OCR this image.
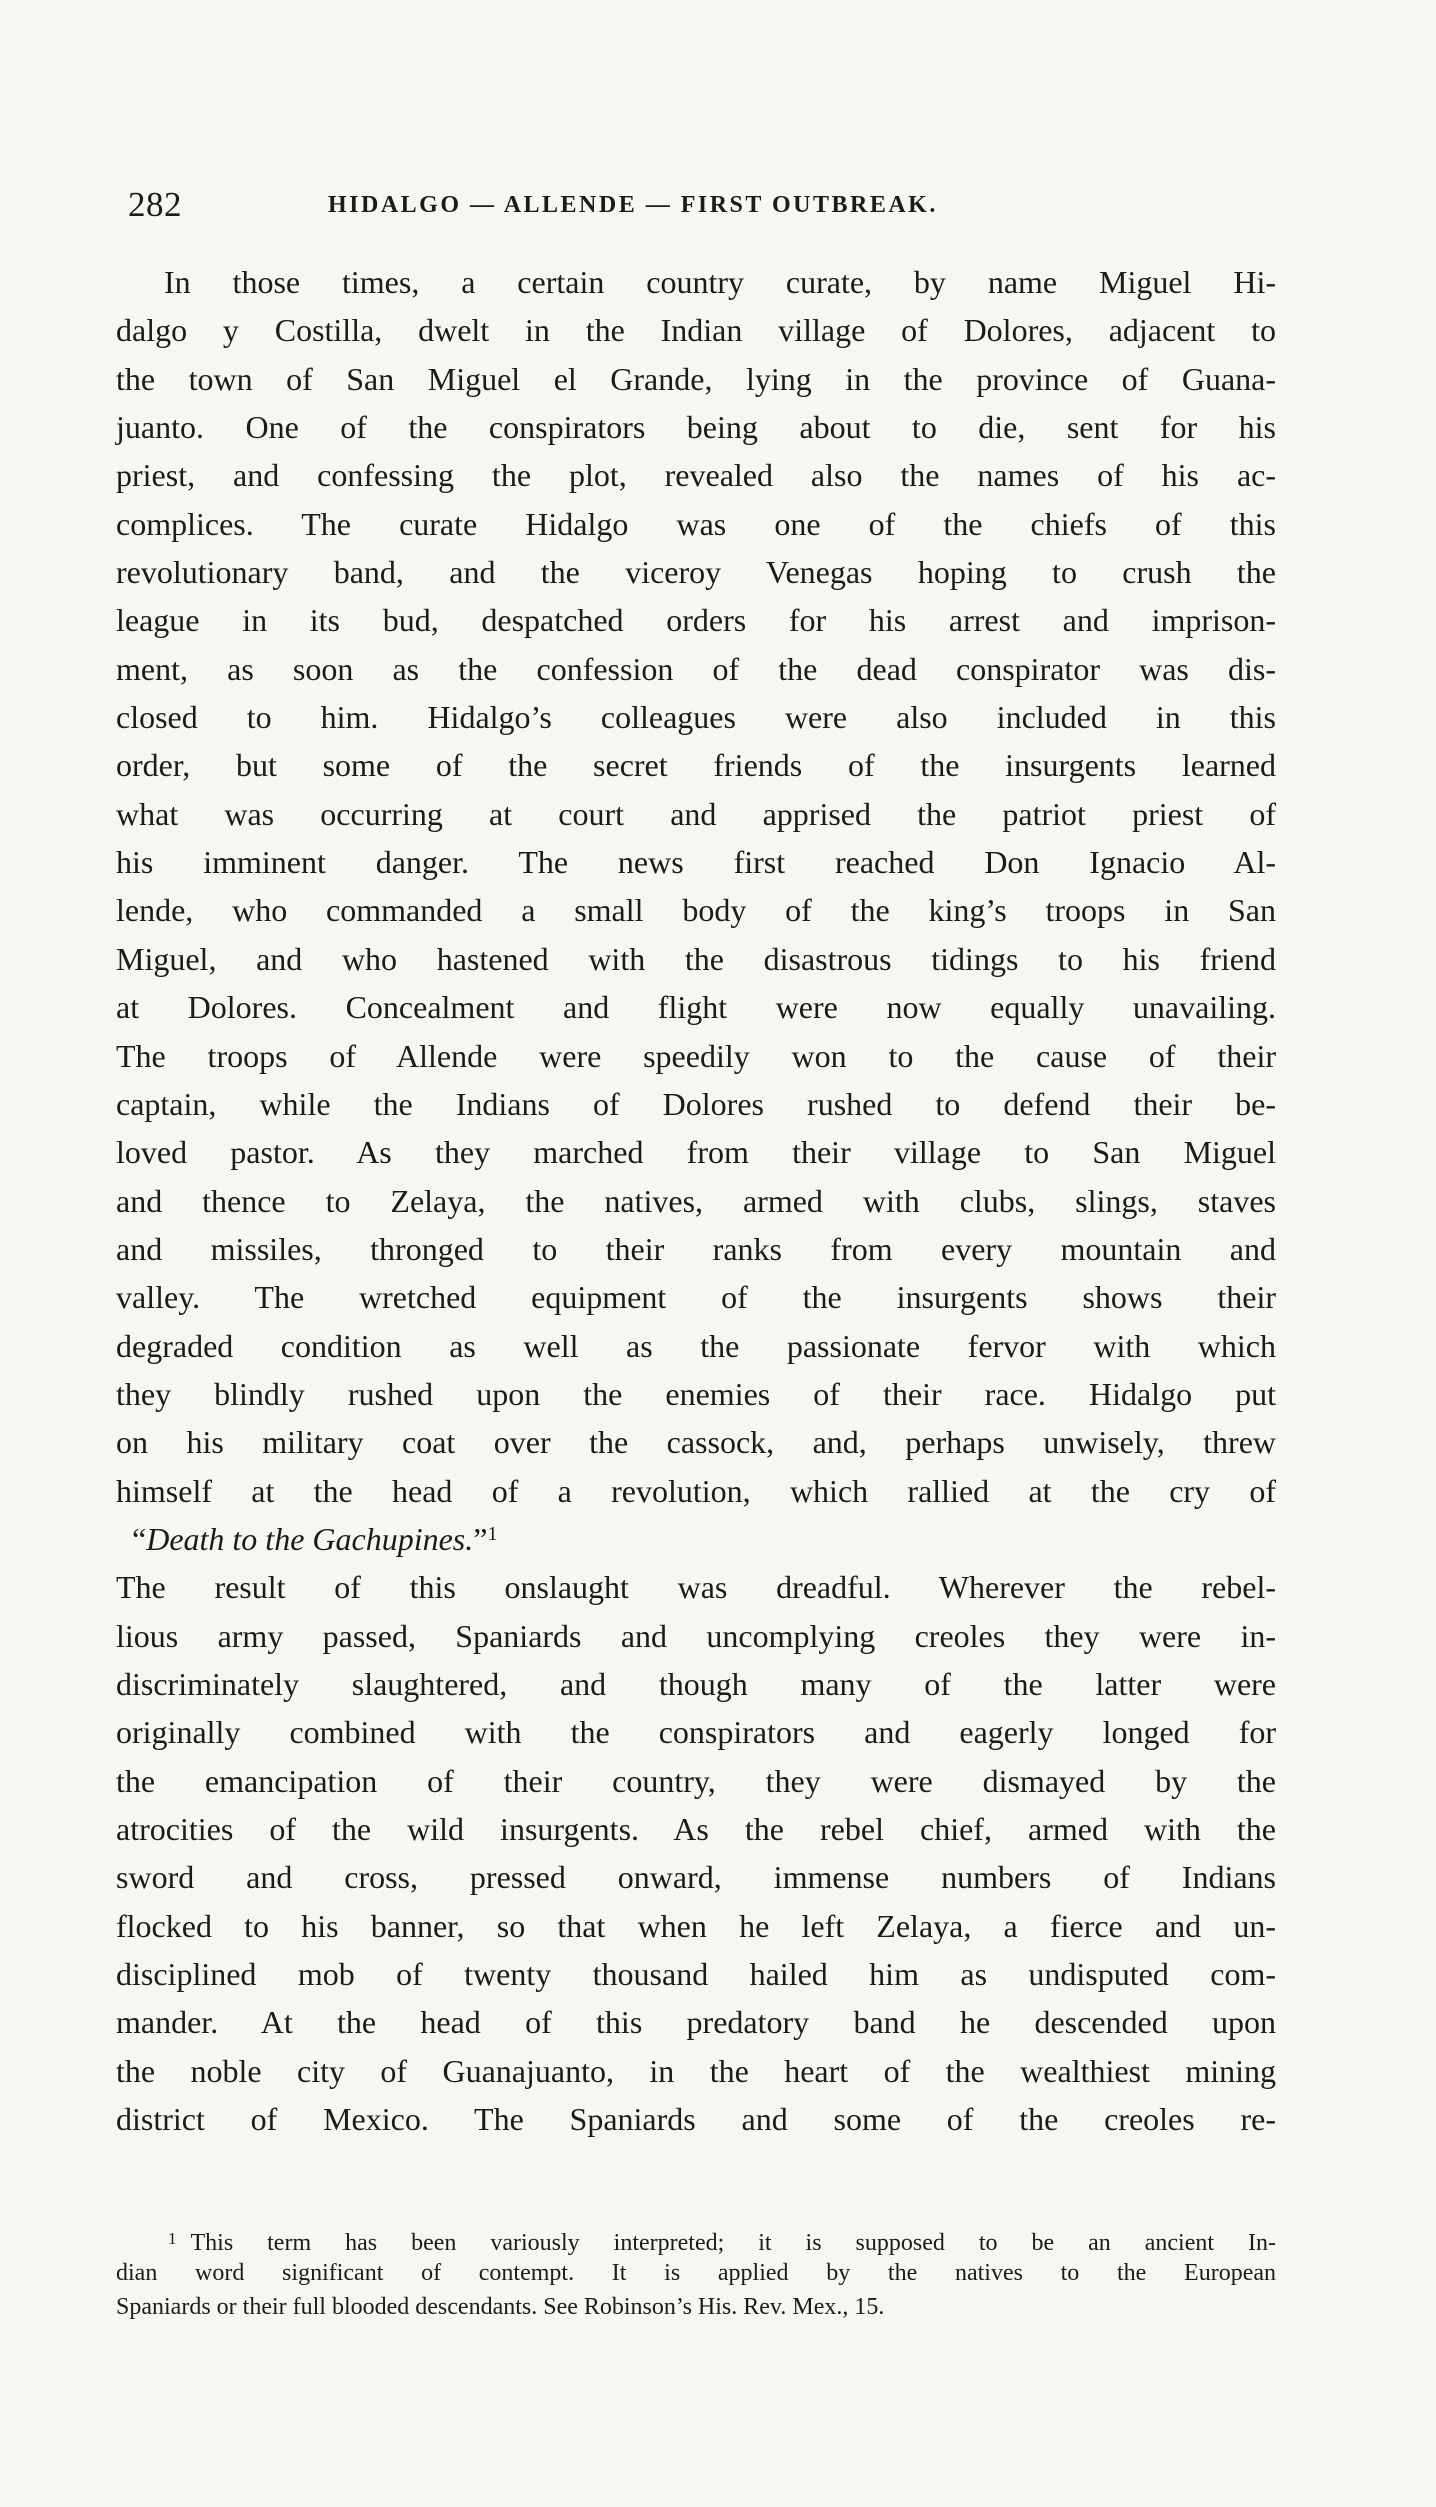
282	HIDALGO — ALLENDE — FIRST OUTBREAK.
In those times, a certain country curate, by name Miguel Hi-
dalgo y Costilla, dwelt in the Indian village of Dolores, adjacent to
the town of San Miguel el Grande, lying in the province of Guana-
juanto. One of the conspirators being about to die, sent for his
priest, and confessing the plot, revealed also the names of his ac-
complices. The curate Hidalgo was one of the chiefs of this
revolutionary band, and the viceroy Venegas hoping to crush the
league in its bud, despatched orders for his arrest and imprison-
ment, as soon as the confession of the dead conspirator was dis-
closed to him. Hidalgo’s colleagues were also included in this
order, but some of the secret friends of the insurgents learned
what was occurring at court and apprised the patriot priest of
his imminent danger. The news first reached Don Ignacio Al-
lende, who commanded a small body of the king’s troops in San
Miguel, and who hastened with the disastrous tidings to his friend
at Dolores. Concealment and flight were now equally unavailing.
The troops of Allende were speedily won to the cause of their
captain, while the Indians of Dolores rushed to defend their be-
loved pastor. As they marched from their village to San Miguel
and thence to Zelaya, the natives, armed with clubs, slings, staves
and missiles, thronged to their ranks from every mountain and
valley. The wretched equipment of the insurgents shows their
degraded condition as well as the passionate fervor with which
they blindly rushed upon the enemies of their race. Hidalgo put
on his military coat over the cassock, and, perhaps unwisely, threw
himself at the head of a revolution, which rallied at the cry of
“Death to the Gachupines.”$^1$
The result of this onslaught was dreadful. Wherever the rebel-
lious army passed, Spaniards and uncomplying creoles they were in-
discriminately slaughtered, and though many of the latter were
originally combined with the conspirators and eagerly longed for
the emancipation of their country, they were dismayed by the
atrocities of the wild insurgents. As the rebel chief, armed with the
sword and cross, pressed onward, immense numbers of Indians
flocked to his banner, so that when he left Zelaya, a fierce and un-
disciplined mob of twenty thousand hailed him as undisputed com-
mander. At the head of this predatory band he descended upon
the noble city of Guanajuanto, in the heart of the wealthiest mining
district of Mexico. The Spaniards and some of the creoles re-
$^1$ This term has been variously interpreted; it is supposed to be an ancient In-
dian word significant of contempt. It is applied by the natives to the European
Spaniards or their full blooded descendants. See Robinson’s His. Rev. Mex., 15.
